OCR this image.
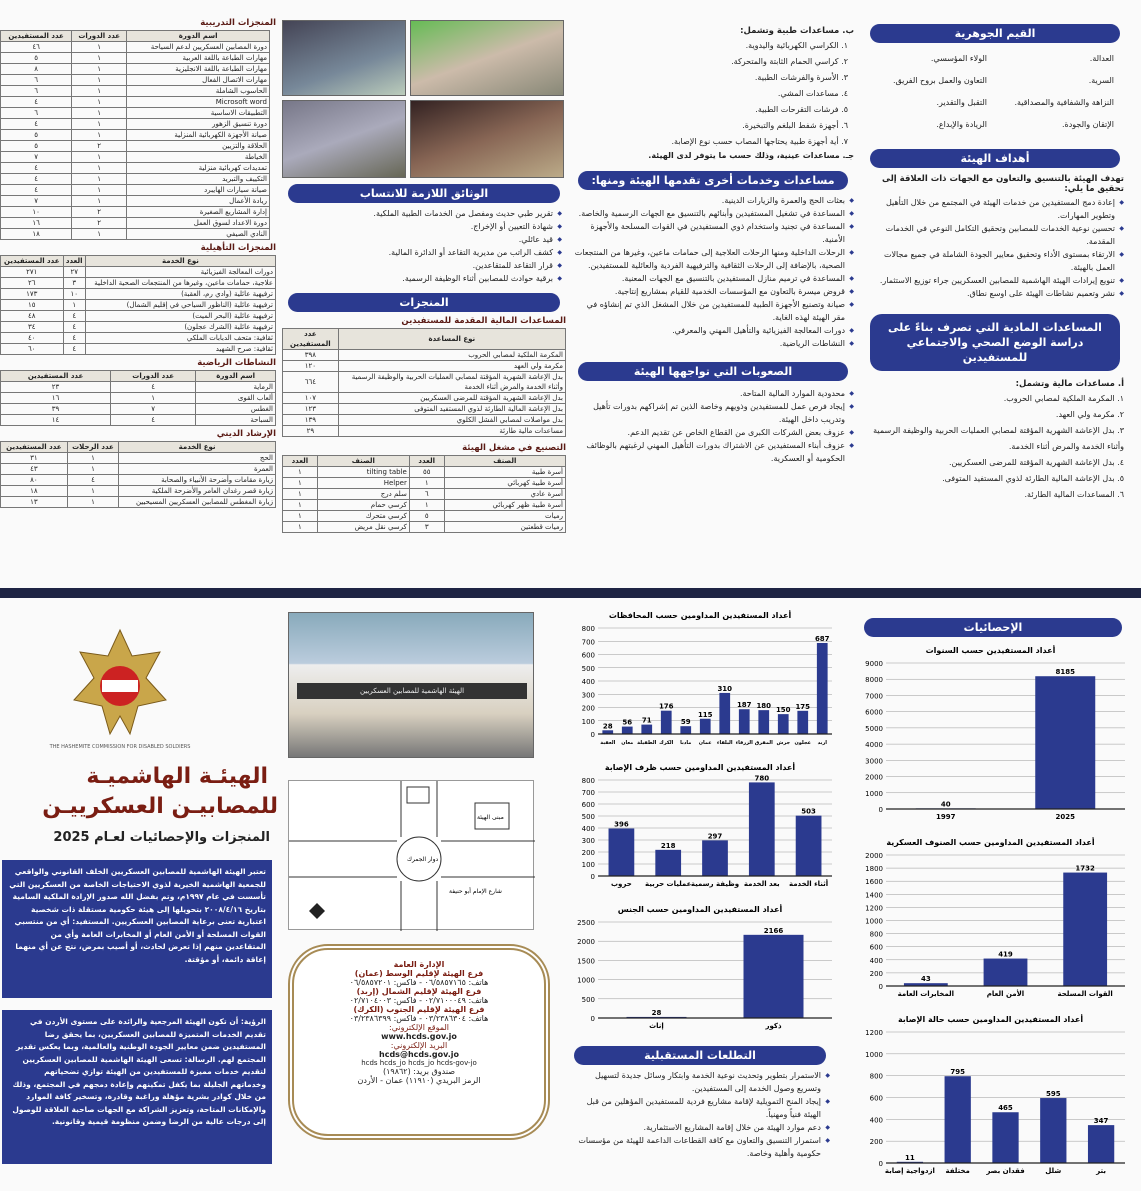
القيم الجوهرية
العدالة.
الولاء المؤسسي.
السرية.
التعاون والعمل بروح الفريق.
النزاهة والشفافية والمصداقية.
التقبل والتقدير.
الإتقان والجودة.
الريادة والإبداع.
أهداف الهيئة
تهدف الهيئة بالتنسيق والتعاون مع الجهات ذات العلاقة إلى تحقيق ما يلي:
◆ إعادة دمج المستفيدين من خدمات الهيئة في المجتمع من خلال التأهيل وتطوير المهارات.
◆ تحسين نوعية الخدمات للمصابين وتحقيق التكامل النوعي في الخدمات المقدمة.
◆ الارتقاء بمستوى الأداء وتحقيق معايير الجودة الشاملة في جميع مجالات العمل بالهيئة.
◆ تنويع إيرادات الهيئة الهاشمية للمصابين العسكريين جراء توزيع الاستثمار.
◆ نشر وتعميم نشاطات الهيئة على اوسع نطاق.
المساعدات المادية التي تصرف بناءً على دراسة الوضع الصحي والاجتماعي للمستفيدين
أ. مساعدات مالية وتشمل:
١. المكرمة الملكية لمصابي الحروب.
٢. مكرمة ولي العهد.
٣. بدل الإعاشة الشهرية المؤقتة لمصابي العمليات الحربية والوظيفة الرسمية وأثناء الخدمة والمرض أثناء الخدمة.
٤. بدل الإعاشة الشهرية المؤقتة للمرضى العسكريين.
٥. بدل الإعاشة المالية الطارئة لذوي المستفيد المتوفى.
٦. المساعدات المالية الطارئة.
ب. مساعدات طبية وتشمل:
١. الكراسي الكهربائية واليدوية.
٢. كراسي الحمام الثابتة والمتحركة.
٣. الأسرة والفرشات الطبية.
٤. مساعدات المشي.
٥. فرشات التقرحات الطبية.
٦. أجهزة شفط البلغم والتبخيرة.
٧. أية أجهزة طبية يحتاجها المصاب حسب نوع الإصابة.
جـ. مساعدات عينية، وذلك حسب ما يتوفر لدى الهيئة.
مساعدات وخدمات أخرى تقدمها الهيئة ومنها:
◆ بعثات الحج والعمرة والزيارات الدينية.
◆ المساعدة في تشغيل المستفيدين وأبنائهم بالتنسيق مع الجهات الرسمية والخاصة.
◆ المساعدة في تجنيد واستخدام ذوي المستفيدين في القوات المسلحة والأجهزة الأمنية.
◆ الرحلات الداخلية ومنها الرحلات العلاجية إلى حمامات ماعين، وغيرها من المنتجعات الصحية، بالإضافة إلى الرحلات الثقافية والترفيهية الفردية والعائلية للمستفيدين.
◆ المساعدة في ترميم منازل المستفيدين بالتنسيق مع الجهات المعنية.
◆ قروض ميسرة بالتعاون مع المؤسسات الخدمية للقيام بمشاريع إنتاجية.
◆ صيانة وتصنيع الأجهزة الطبية للمستفيدين من خلال المشغل الذي تم إنشاؤه في مقر الهيئة لهذه الغاية.
◆ دورات المعالجة الفيزيائية والتأهيل المهني والمعرفي.
◆ النشاطات الرياضية.
الصعوبات التي تواجهها الهيئة
◆ محدودية الموارد المالية المتاحة.
◆ إيجاد فرص عمل للمستفيدين وذويهم وخاصة الذين تم إشراكهم بدورات تأهيل وتدريب داخل الهيئة.
◆ عزوف بعض الشركات الكبرى من القطاع الخاص عن تقديم الدعم.
◆ عزوف أبناء المستفيدين عن الاشتراك بدورات التأهيل المهني لرغبتهم بالوظائف الحكومية أو العسكرية.
الوثائق اللازمة للانتساب
◆ تقرير طبي حديث ومفصل من الخدمات الطبية الملكية.
◆ شهادة التعيين أو الإخراج.
◆ قيد عائلي.
◆ كشف الراتب من مديرية التقاعد أو الدائرة المالية.
◆ قرار التقاعد للمتقاعدين.
◆ برقية حوادث للمصابين أثناء الوظيفة الرسمية.
المنجزات
المساعدات المالية المقدمة للمستفيدين
نوع المساعدة	عدد المستفيدين
المكرمة الملكية لمصابي الحروب	٣٩٨
مكرمة ولي العهد	١٢٠
بدل الإعاشة الشهرية المؤقتة لمصابي العمليات الحربية والوظيفة الرسمية وأثناء الخدمة والمرض أثناء الخدمة	٦٦٤
بدل الإعاشة الشهرية المؤقتة للمرضى العسكريين	١٠٧
بدل الإعاشة المالية الطارئة لذوي المستفيد المتوفى	١٢٣
بدل مواصلات لمصابي الفشل الكلوي	١٣٩
مساعدات مالية طارئة	٢٩
التصنيع في مشغل الهيئة
الصنف	العدد	الصنف	العدد
أسرة طبية	٥٥	tilting table	١
أسرة طبية كهربائي	١	Helper	١
أسرة عادي	٦	سلم درج	١
أسرة طبية ظهر كهربائي	١	كرسي حمام	١
رميات	٥	كرسي متحرك	١
رميات قطعتين	٣	كرسي نقل مريض	١
المنجزات التدريبية
اسم الدورة	عدد الدورات	عدد المستفيدين
دورة المصابين العسكريين لدعم السياحة	١	٤٦
مهارات الطباعة باللغة العربية	١	٥
مهارات الطباعة باللغة الانجليزية	١	٨
مهارات الاتصال الفعال	١	٦
الحاسوب الشاملة	١	٦
Microsoft word	١	٤
التطبيقات الاساسية	١	٦
دورة تنسيق الزهور	١	٤
صيانة الأجهزة الكهربائية المنزلية	١	٥
الحلاقة والتزيين	٢	٥
الخياطة	١	٧
تمديدات كهربائية منزلية	١	٤
التكييف والتبريد	١	٤
صيانة سيارات الهايبرد	١	٤
ريادة الأعمال	١	٧
إدارة المشاريع الصغيرة	٢	١٠
دورة الاعداد لسوق العمل	٢	١٦
النادي الصيفي	١	١٨
المنجزات التأهيلية
نوع الخدمة	العدد	عدد المستفيدين
دورات المعالجة الفيزيائية	٢٧	٢٧١
علاجية، حمامات ماعين، وغيرها من المنتجعات الصحية الداخلية	٣	٢٦
ترفيهية عائلية (وادي رم، العقبة)	١٠	١٧٣
ترفيهية عائلية (الناظور السياحي في إقليم الشمال)	١	١٥
ترفيهية عائلية (البحر الميت)	٤	٤٨
ترفيهية عائلية (الشرك عجلون)	٤	٣٤
ثقافية: متحف الدبابات الملكي	٤	٤٠
ثقافية: صرح الشهيد	٤	٦٠
النشاطات الرياضية
اسم الدورة	عدد الدورات	عدد المستفيدين
الرماية	٤	٢٣
ألعاب القوى	١	١٦
الغطس	٧	٣٩
السباحة	٤	١٤
الإرشاد الديني
نوع الخدمة	عدد الرحلات	عدد المستفيدين
الحج	١	٣١
العمرة	١	٤٣
زيارة مقامات وأضرحة الأنبياء والصحابة	٤	٨٠
زيارة قصر رغدان العامر والأضرحة الملكية	١	١٨
زيارة المغطس للمصابين العسكريين المسيحيين	١	١٣
الإحصائيات
أعداد المستفيدين حسب السنوات
0
1000
2000
3000
4000
5000
6000
7000
8000
9000
8185
2025
40
1997

أعداد المستفيدين المداومين حسب الصنوف العسكرية
0
200
400
600
800
1000
1200
1400
1600
1800
2000
1732
القوات المسلحة
419
الأمن العام
43
المخابرات العامة

أعداد المستفيدين المداومين حسب حالة الإصابة
0
200
400
600
800
1000
1200
347
بتر
595
شلل
465
فقدان بصر
795
مختلفة
11
ازدواجية إصابة
أعداد المستفيدين المداومين حسب المحافظات
0
100
200
300
400
500
600
700
800
687
اربد
175
عجلون
150
جرش
180
المفرق
187
الزرقاء
310
البلقاء
115
عمان
59
مادبا
176
الكرك
71
الطفيلة
56
معان
28
العقبة

أعداد المستفيدين المداومين حسب ظرف الإصابة
0
100
200
300
400
500
600
700
800
503
أثناء الخدمة
780
بعد الخدمة
297
وظيفة رسمية
218
عمليات حربية
396
حروب

أعداد المستفيدين المداومين حسب الجنس
0
500
1000
1500
2000
2500
2166
ذكور
28
إناث
التطلعات المستقبلية
◆ الاستمرار بتطوير وتحديث نوعية الخدمة وابتكار وسائل جديدة لتسهيل وتسريع وصول الخدمة إلى المستفيدين.
◆ إيجاد المنح التمويلية لإقامة مشاريع فردية للمستفيدين المؤهلين من قبل الهيئة فنياً ومهنياً.
◆ دعم موارد الهيئة من خلال إقامة المشاريع الاستثمارية.
◆ استمرار التنسيق والتعاون مع كافة القطاعات الداعمة للهيئة من مؤسسات حكومية وأهلية وخاصة.
الهيئة الهاشمية للمصابين العسكريين
مبنى الهيئة
دوار الجمرك
شارع الإمام أبو حنيفة
الإدارة العامة
فرع الهيئة لإقليم الوسط (عمان)
هاتف: ٠٦/٥٨٥٧١٦٥ - فاكس: ٠٦/٥٨٥٧٢٠١
فرع الهيئة لإقليم الشمال (إربد)
هاتف: ٠٢/٧١٠٠٠٤٩ - فاكس: ٠٢/٧١٠٤٠٠٣
فرع الهيئة لإقليم الجنوب (الكرك)
هاتف: ٠٣/٢٣٨٦٣٠٤ - فاكس: ٠٣/٢٣٨٦٣٩٩
الموقع الإلكتروني:
www.hcds.gov.jo
البريد الإلكتروني:
hcds@hcds.gov.jo
hcds hcds_jo hcds_jo hcds-gov-jo
صندوق بريد: (١٩٨٦٢)
الرمز البريدي (١١٩١٠) عمان - الأردن
THE HASHEMITE COMMISSION FOR DISABLED SOLDIERS
الهيئـة الهاشميـة
للمصابيـن العسكرييـن
المنجزات والإحصائيات لعـام 2025
تعتبر الهيئة الهاشمية للمصابين العسكريين الخلف القانوني والواقعي للجمعية الهاشمية الخيرية لذوي الاحتياجات الخاصة من العسكريين التي تأسست في عام ١٩٩٧م، وتم بفضل الله صدور الإرادة الملكية السامية بتاريخ ٢٠٠٨/٤/١٦ بتحويلها إلى هيئة حكومية مستقلة ذات شخصية اعتبارية تعنى برعاية المصابين العسكريين. المستفيد: أي من منتسبي القوات المسلحة أو الأمن العام أو المخابرات العامة وأي من المتقاعدين منهم إذا تعرض لحادث، أو أصيب بمرض، نتج عن أي منهما إعاقة دائمة، أو مؤقتة.
الرؤية: أن تكون الهيئة المرجعية والرائدة على مستوى الأردن في تقديم الخدمات المتميزة للمصابين العسكريين، بما يحقق رضا المستفيدين ضمن معايير الجودة الوطنية والعالمية، وبما يعكس تقدير المجتمع لهم. الرسالة: تسعى الهيئة الهاشمية للمصابين العسكريين لتقديم خدمات مميزة للمستفيدين من الهيئة توازي تضحياتهم وخدماتهم الجليلة بما يكفل تمكينهم وإعادة دمجهم في المجتمع، وذلك من خلال كوادر بشرية مؤهلة وراغبة وقادرة، وتسخير كافة الموارد والإمكانات المتاحة، وتعزيز الشراكة مع الجهات صاحبة العلاقة للوصول إلى درجات عالية من الرضا وضمن منظومة قيمية وقانونية.
